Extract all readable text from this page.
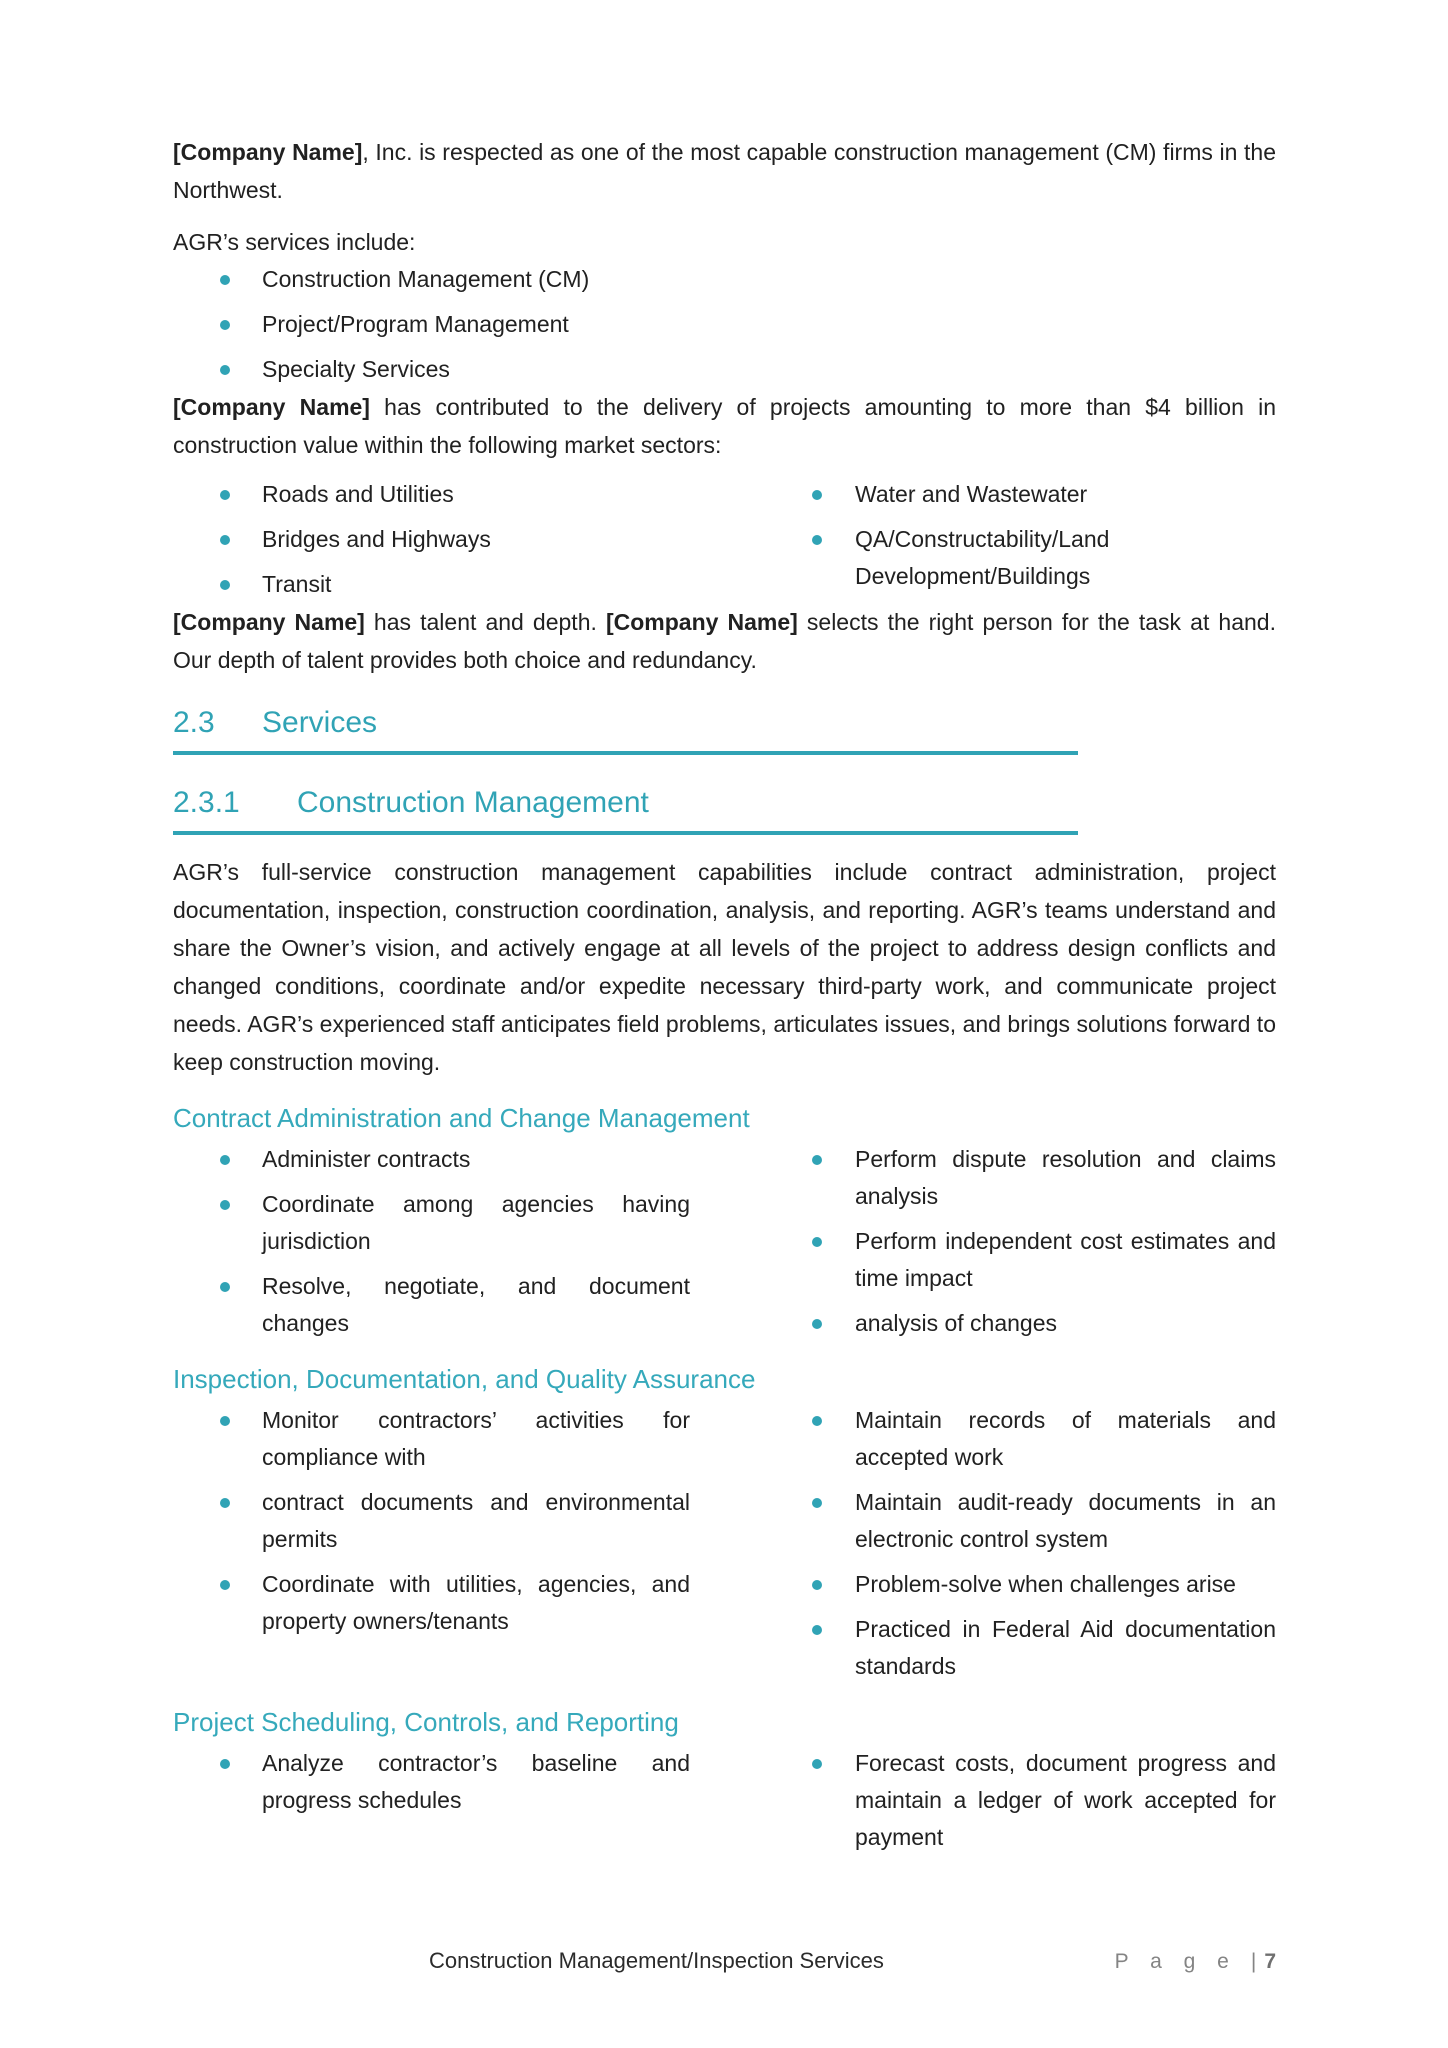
[Company Name], Inc. is respected as one of the most capable construction management (CM) firms in the Northwest.

AGR’s services include:

Construction Management (CM)
Project/Program Management
Specialty Services

[Company Name] has contributed to the delivery of projects amounting to more than $4 billion in construction value within the following market sectors:

Roads and Utilities
Bridges and Highways
Transit
Water and Wastewater
QA/Constructability/Land Development/Buildings

[Company Name] has talent and depth. [Company Name] selects the right person for the task at hand. Our depth of talent provides both choice and redundancy.

2.3 Services
2.3.1 Construction Management

AGR’s full-service construction management capabilities include contract administration, project documentation, inspection, construction coordination, analysis, and reporting. AGR’s teams understand and share the Owner’s vision, and actively engage at all levels of the project to address design conflicts and changed conditions, coordinate and/or expedite necessary third-party work, and communicate project needs. AGR’s experienced staff anticipates field problems, articulates issues, and brings solutions forward to keep construction moving.

Contract Administration and Change Management
Administer contracts
Coordinate among agencies having jurisdiction
Resolve, negotiate, and document changes
Perform dispute resolution and claims analysis
Perform independent cost estimates and time impact
analysis of changes
Inspection, Documentation, and Quality Assurance
Monitor contractors’ activities for compliance with
contract documents and environmental permits
Coordinate with utilities, agencies, and property owners/tenants
Maintain records of materials and accepted work
Maintain audit-ready documents in an electronic control system
Problem-solve when challenges arise
Practiced in Federal Aid documentation standards
Project Scheduling, Controls, and Reporting
Analyze contractor’s baseline and progress schedules
Forecast costs, document progress and maintain a ledger of work accepted for payment
Construction Management/Inspection Services	P a g e | 7
